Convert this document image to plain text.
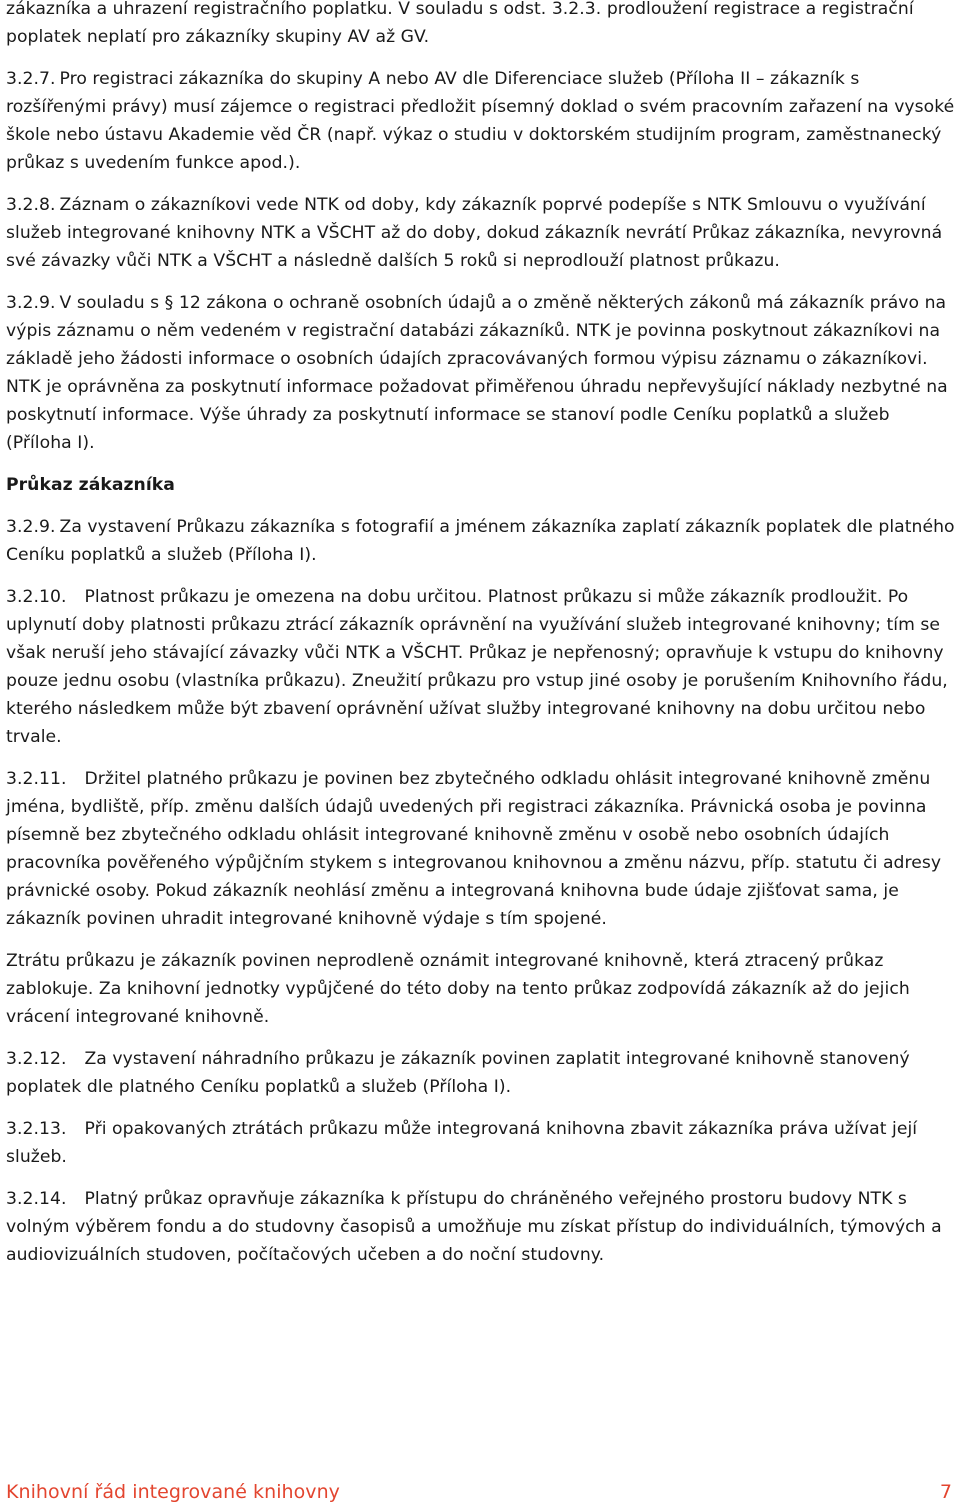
zákazníka a uhrazení registračního poplatku. V souladu s odst. 3.2.3. prodloužení registrace a registrační poplatek neplatí pro zákazníky skupiny AV až GV.

3.2.7. Pro registraci zákazníka do skupiny A nebo AV dle Diferenciace služeb (Příloha II – zákazník s rozšířenými právy) musí zájemce o registraci předložit písemný doklad o svém pracovním zařazení na vysoké škole nebo ústavu Akademie věd ČR (např. výkaz o studiu v doktorském studijním program, zaměstnanecký průkaz s uvedením funkce apod.).

3.2.8. Záznam o zákazníkovi vede NTK od doby, kdy zákazník poprvé podepíše s NTK Smlouvu o využívání služeb integrované knihovny NTK a VŠCHT až do doby, dokud zákazník nevrátí Průkaz zákazníka, nevyrovná své závazky vůči NTK a VŠCHT a následně dalších 5 roků si neprodlouží platnost průkazu.

3.2.9. V souladu s § 12 zákona o ochraně osobních údajů a o změně některých zákonů má zákazník právo na výpis záznamu o něm vedeném v registrační databázi zákazníků. NTK je povinna poskytnout zákazníkovi na základě jeho žádosti informace o osobních údajích zpracovávaných formou výpisu záznamu o zákazníkovi. NTK je oprávněna za poskytnutí informace požadovat přiměřenou úhradu nepřevyšující náklady nezbytné na poskytnutí informace. Výše úhrady za poskytnutí informace se stanoví podle Ceníku poplatků a služeb (Příloha I).

Průkaz zákazníka

3.2.9. Za vystavení Průkazu zákazníka s fotografií a jménem zákazníka zaplatí zákazník poplatek dle platného Ceníku poplatků a služeb (Příloha I).

3.2.10. Platnost průkazu je omezena na dobu určitou. Platnost průkazu si může zákazník prodloužit. Po uplynutí doby platnosti průkazu ztrácí zákazník oprávnění na využívání služeb integrované knihovny; tím se však neruší jeho stávající závazky vůči NTK a VŠCHT. Průkaz je nepřenosný; opravňuje k vstupu do knihovny pouze jednu osobu (vlastníka průkazu). Zneužití průkazu pro vstup jiné osoby je porušením Knihovního řádu, kterého následkem může být zbavení oprávnění užívat služby integrované knihovny na dobu určitou nebo trvale.

3.2.11. Držitel platného průkazu je povinen bez zbytečného odkladu ohlásit integrované knihovně změnu jména, bydliště, příp. změnu dalších údajů uvedených při registraci zákazníka. Právnická osoba je povinna písemně bez zbytečného odkladu ohlásit integrované knihovně změnu v osobě nebo osobních údajích pracovníka pověřeného výpůjčním stykem s integrovanou knihovnou a změnu názvu, příp. statutu či adresy právnické osoby. Pokud zákazník neohlásí změnu a integrovaná knihovna bude údaje zjišťovat sama, je zákazník povinen uhradit integrované knihovně výdaje s tím spojené.

Ztrátu průkazu je zákazník povinen neprodleně oznámit integrované knihovně, která ztracený průkaz zablokuje. Za knihovní jednotky vypůjčené do této doby na tento průkaz zodpovídá zákazník až do jejich vrácení integrované knihovně.

3.2.12. Za vystavení náhradního průkazu je zákazník povinen zaplatit integrované knihovně stanovený poplatek dle platného Ceníku poplatků a služeb (Příloha I).

3.2.13. Při opakovaných ztrátách průkazu může integrovaná knihovna zbavit zákazníka práva užívat její služeb.

3.2.14. Platný průkaz opravňuje zákazníka k přístupu do chráněného veřejného prostoru budovy NTK s volným výběrem fondu a do studovny časopisů a umožňuje mu získat přístup do individuálních, týmových a audiovizuálních studoven, počítačových učeben a do noční studovny.

Knihovní řád integrované knihovny	7
